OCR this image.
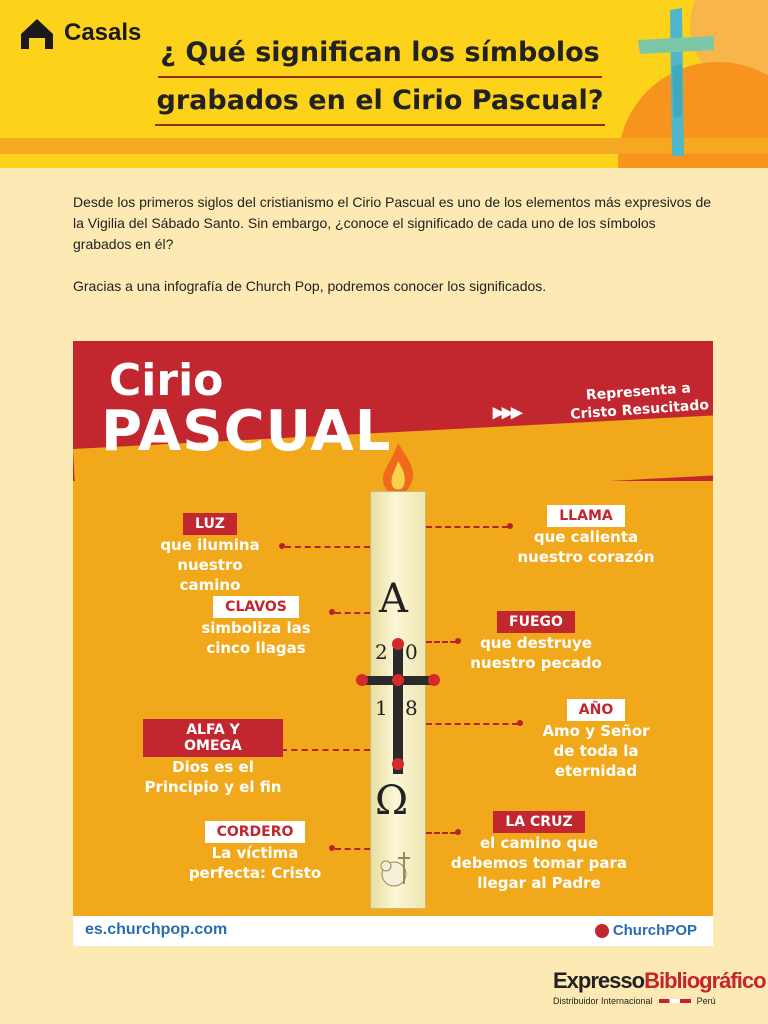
Casals
¿ Qué significan los símbolos
grabados en el Cirio Pascual?

Desde los primeros siglos del cristianismo el Cirio Pascual es uno de los elementos más expresivos de la Vigilia del Sábado Santo. Sin embargo, ¿conoce el significado de cada uno de los símbolos grabados en él?

Gracias a una infografía de Church Pop, podremos conocer los significados.

Cirio
PASCUAL	▸▸▸
Representa a Cristo Resucitado
A
2 0
1 8
Ω
LUZ
que ilumina nuestro camino
CLAVOS
simboliza las cinco llagas
ALFA Y OMEGA
Dios es el Principio y el fin
CORDERO
La víctima perfecta: Cristo
LLAMA
que calienta nuestro corazón
FUEGO
que destruye nuestro pecado
AÑO
Amo y Señor de toda la eternidad
LA CRUZ
el camino que debemos tomar para llegar al Padre
es.churchpop.com	ChurchPOP
ExpressoBibliográfico
Distribuidor Internacional	Perú
